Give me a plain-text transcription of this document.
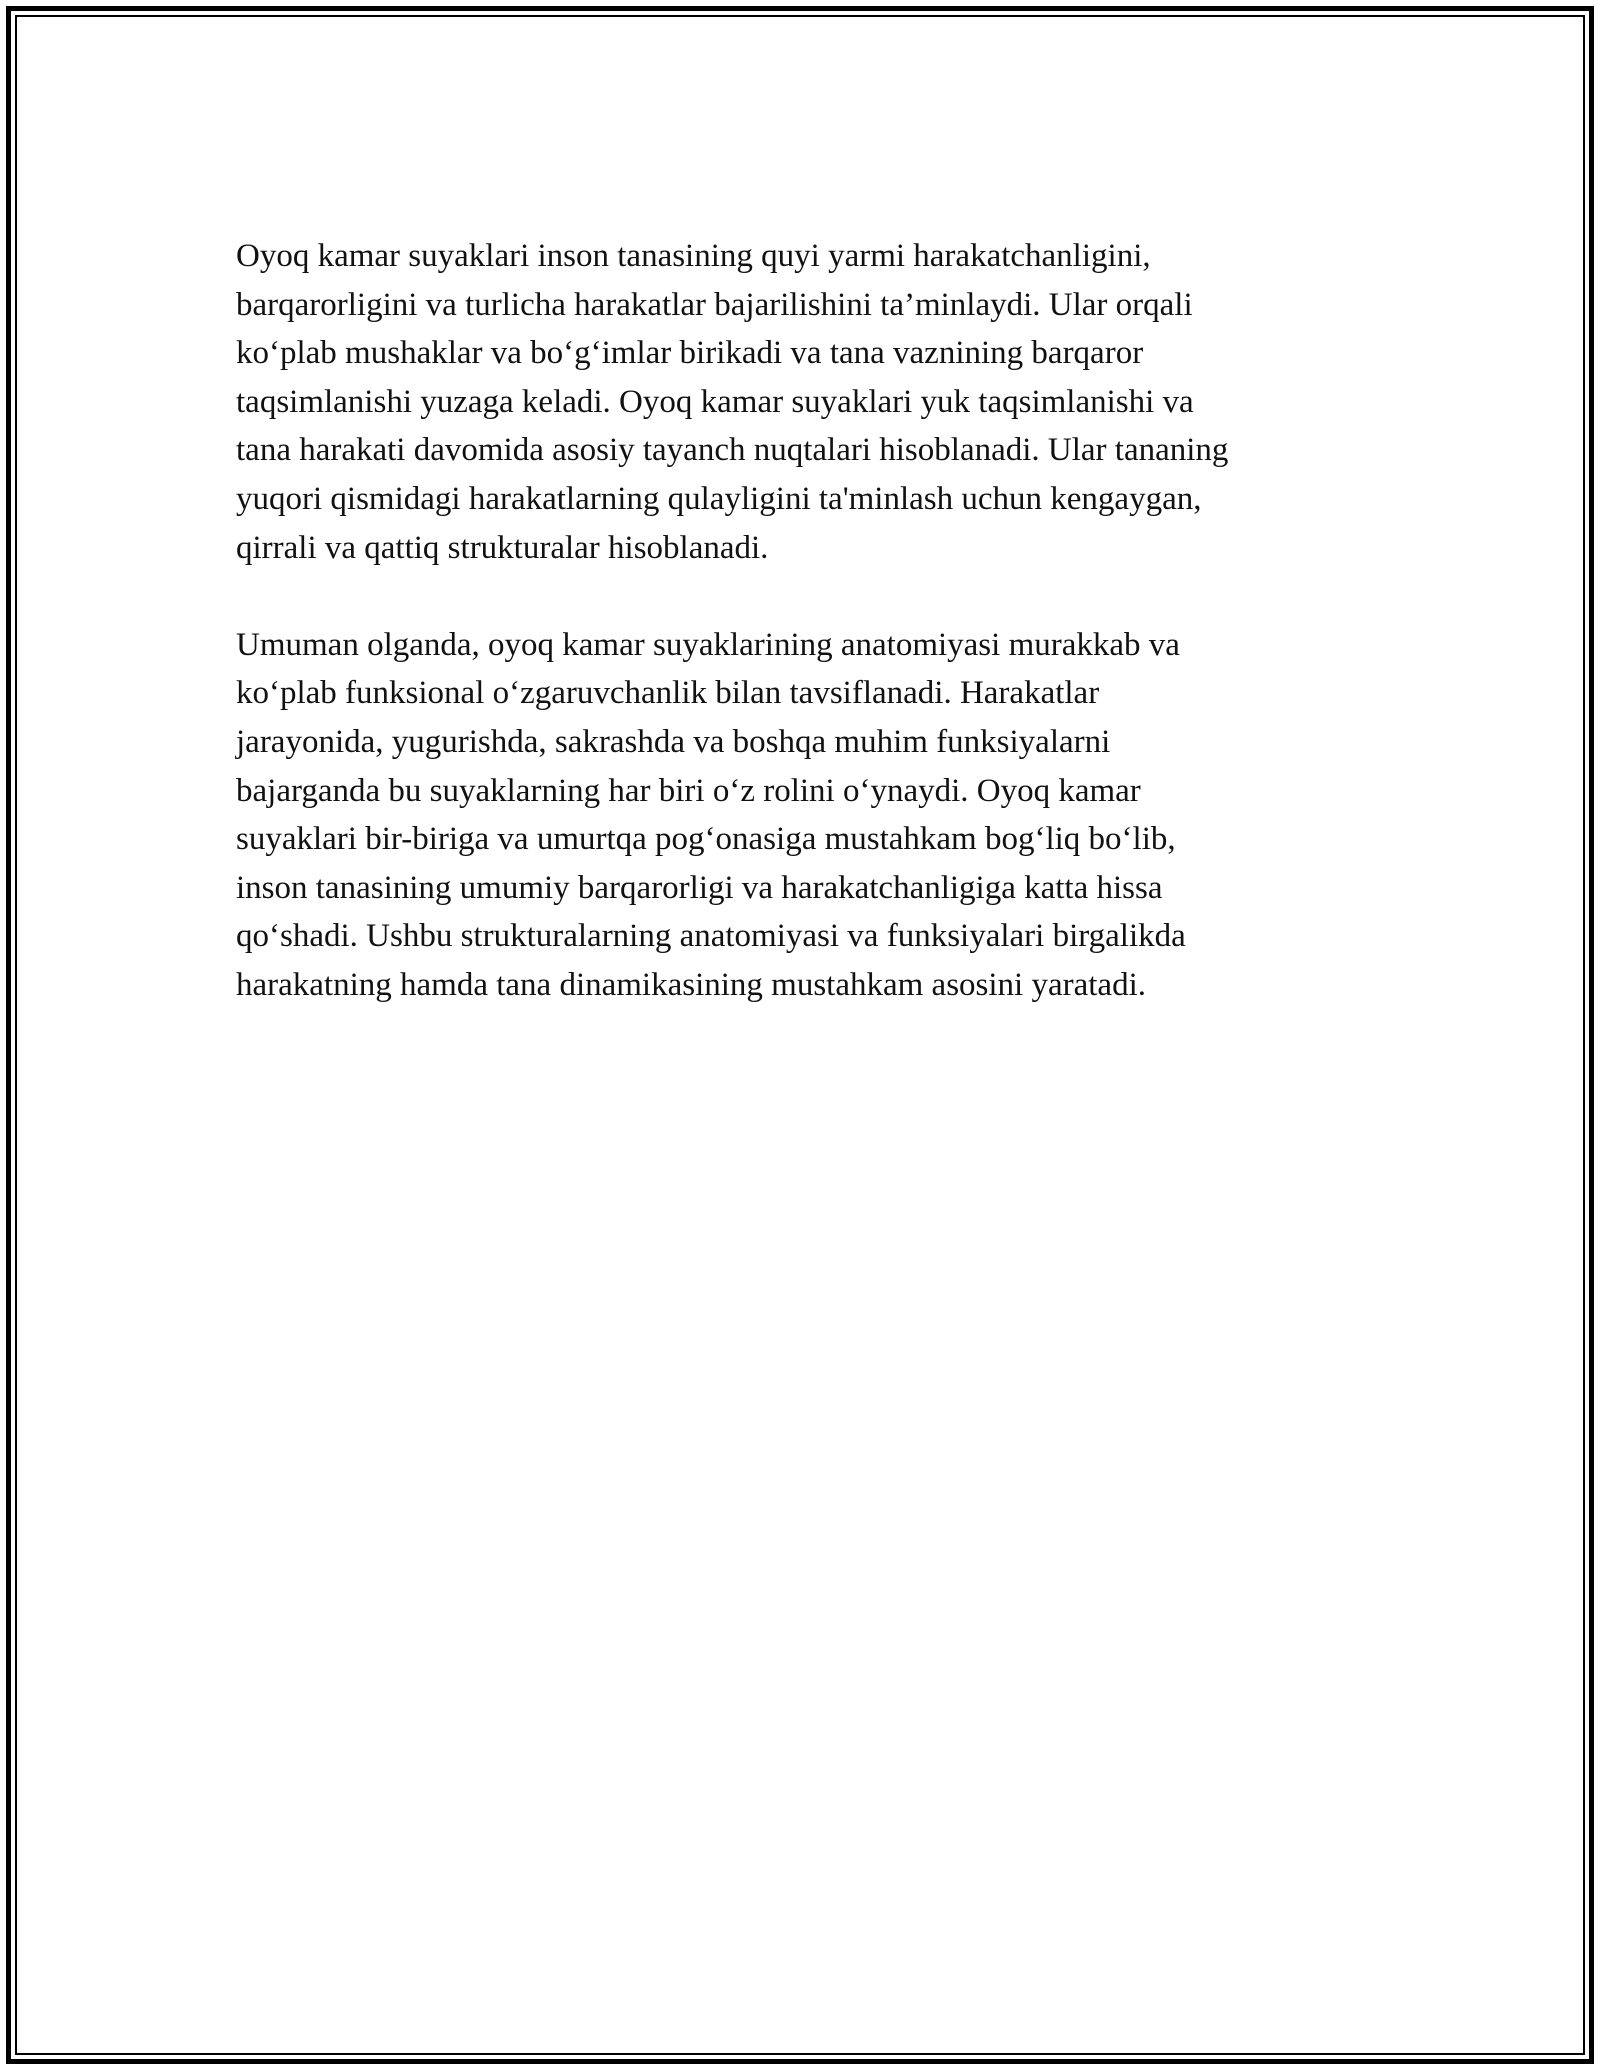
Oyoq kamar suyaklari inson tanasining quyi yarmi harakatchanligini,
barqarorligini va turlicha harakatlar bajarilishini ta’minlaydi. Ular orqali
ko‘plab mushaklar va bo‘g‘imlar birikadi va tana vaznining barqaror
taqsimlanishi yuzaga keladi. Oyoq kamar suyaklari yuk taqsimlanishi va
tana harakati davomida asosiy tayanch nuqtalari hisoblanadi. Ular tananing
yuqori qismidagi harakatlarning qulayligini ta'minlash uchun kengaygan,
qirrali va qattiq strukturalar hisoblanadi.

Umuman olganda, oyoq kamar suyaklarining anatomiyasi murakkab va
ko‘plab funksional o‘zgaruvchanlik bilan tavsiflanadi. Harakatlar
jarayonida, yugurishda, sakrashda va boshqa muhim funksiyalarni
bajarganda bu suyaklarning har biri o‘z rolini o‘ynaydi. Oyoq kamar
suyaklari bir-biriga va umurtqa pog‘onasiga mustahkam bog‘liq bo‘lib,
inson tanasining umumiy barqarorligi va harakatchanligiga katta hissa
qo‘shadi. Ushbu strukturalarning anatomiyasi va funksiyalari birgalikda
harakatning hamda tana dinamikasining mustahkam asosini yaratadi.
